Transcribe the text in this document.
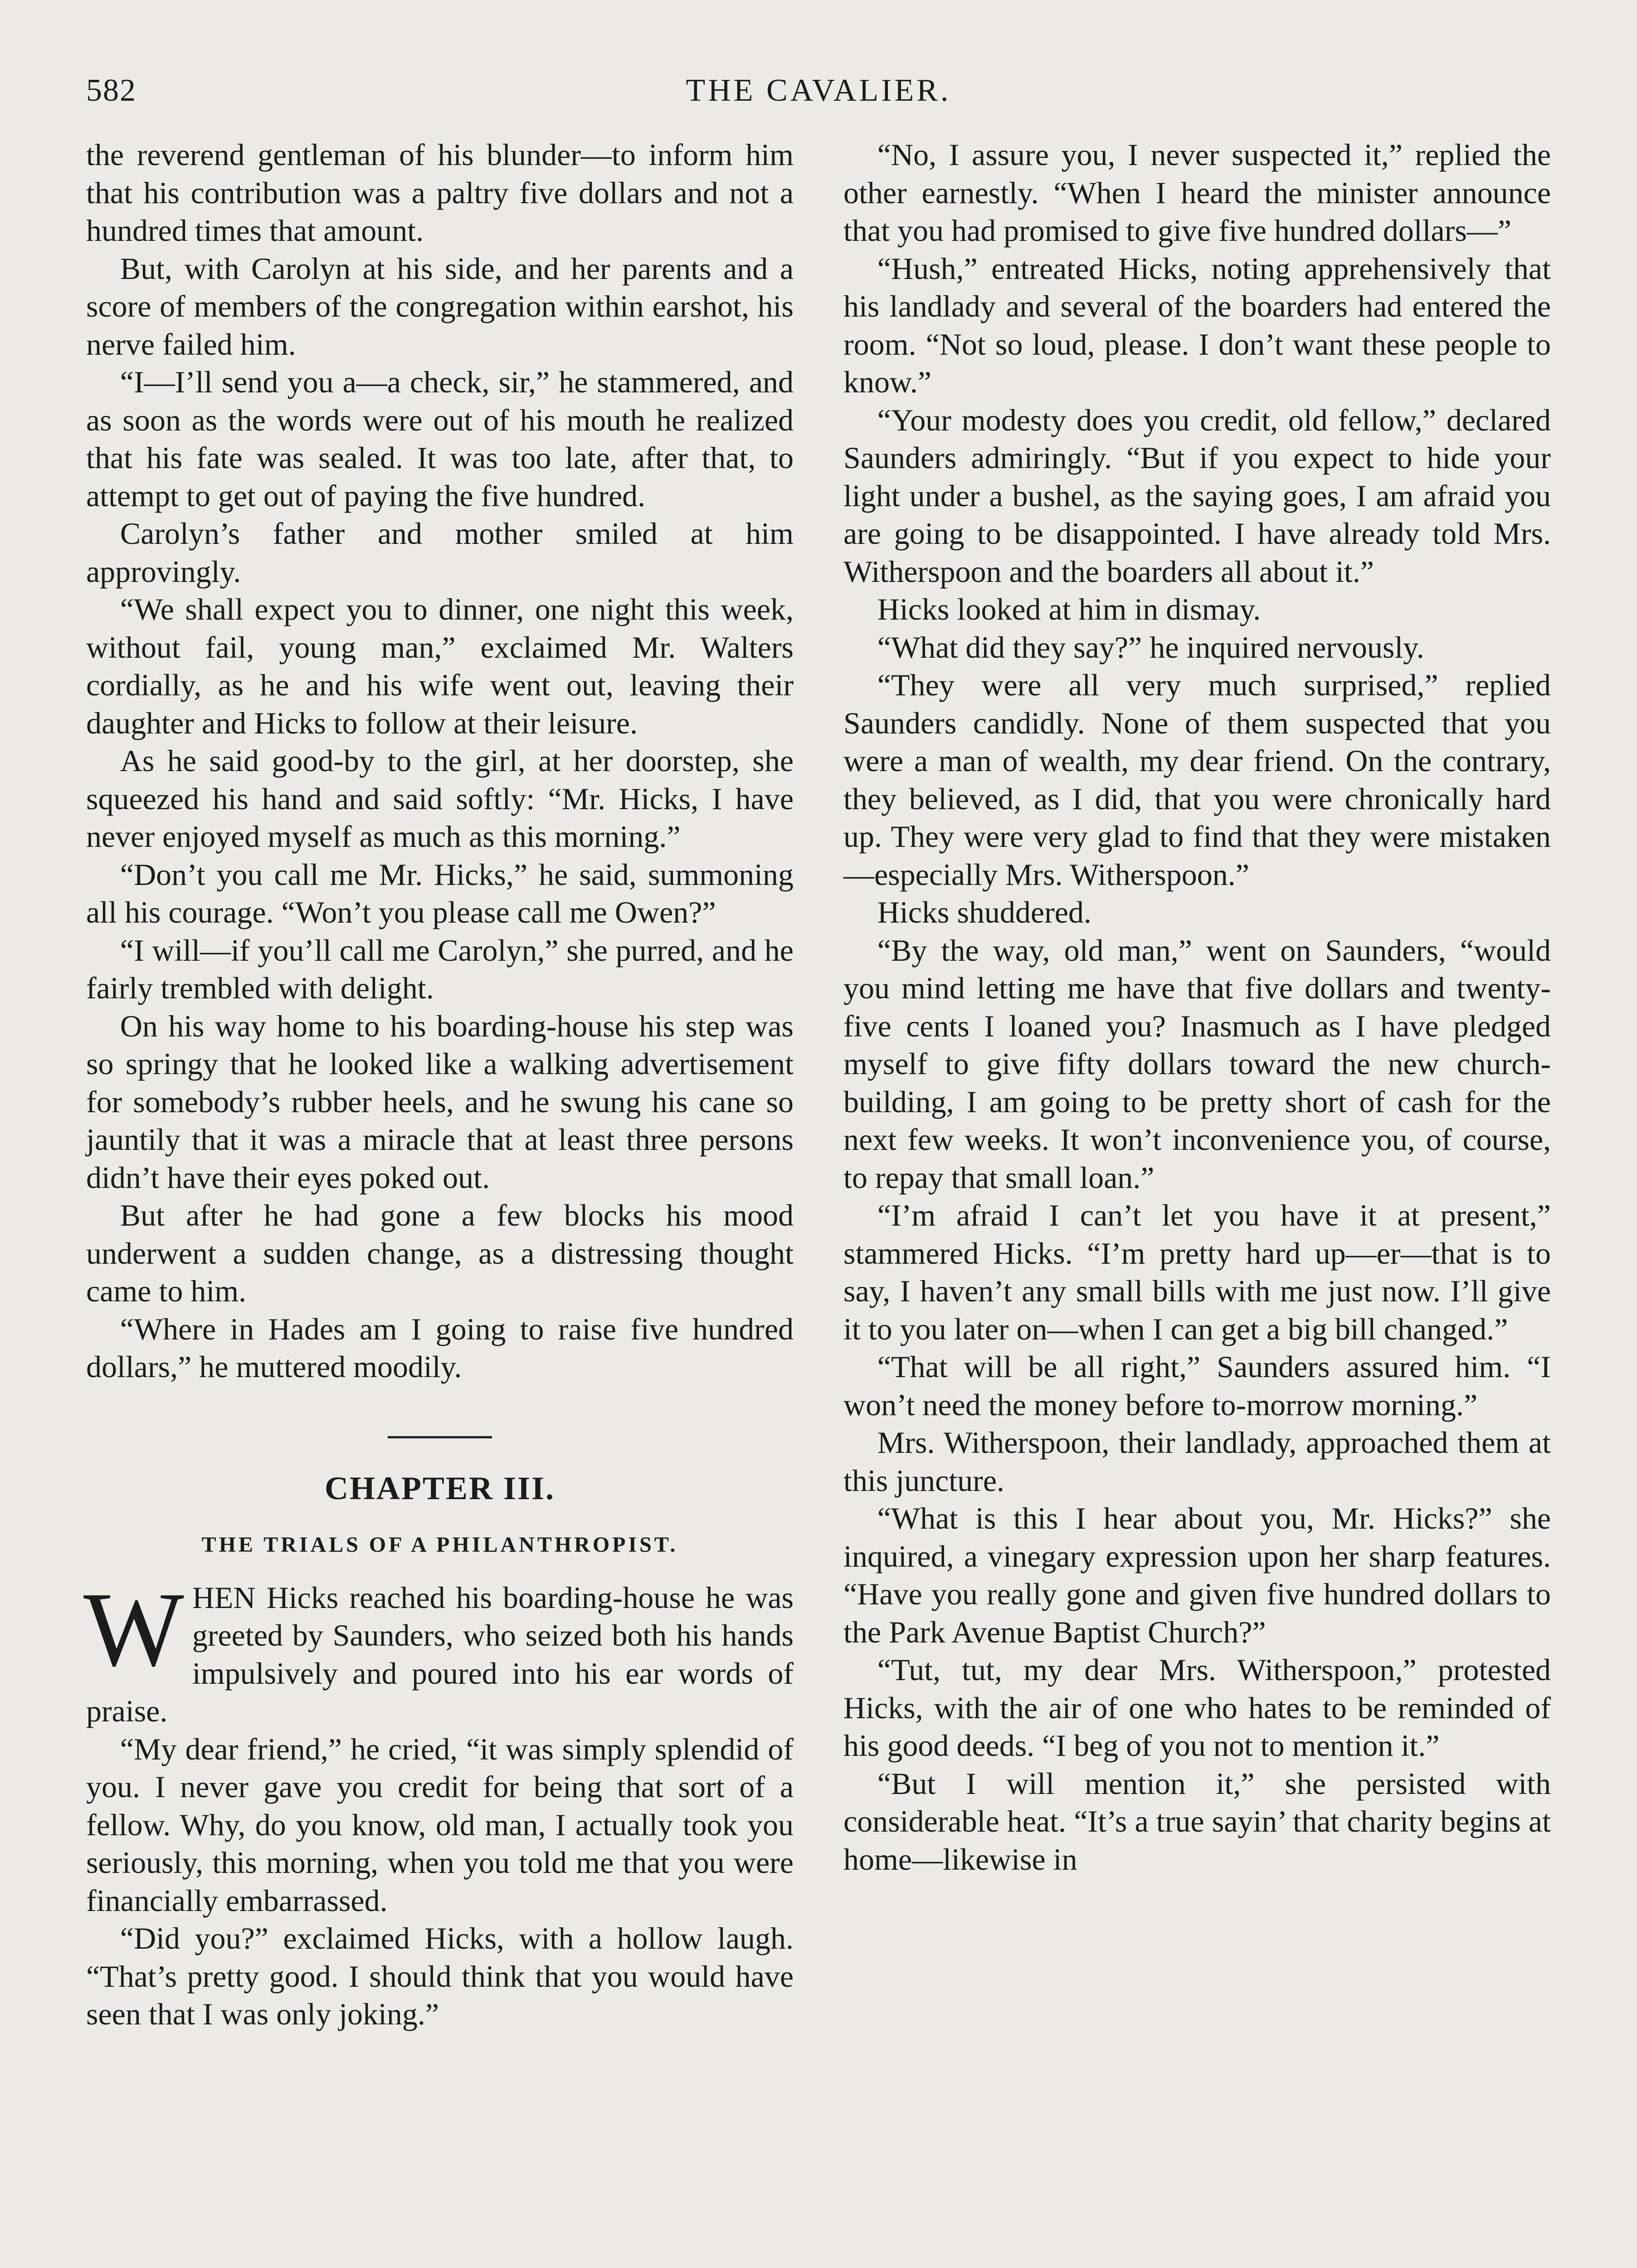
582	THE CAVALIER.

the reverend gentleman of his blunder—to inform him that his contribution was a paltry five dollars and not a hundred times that amount.

But, with Carolyn at his side, and her parents and a score of members of the congregation within earshot, his nerve failed him.

“I—I’ll send you a—a check, sir,” he stammered, and as soon as the words were out of his mouth he realized that his fate was sealed. It was too late, after that, to attempt to get out of paying the five hundred.

Carolyn’s father and mother smiled at him approvingly.

“We shall expect you to dinner, one night this week, without fail, young man,” exclaimed Mr. Walters cordially, as he and his wife went out, leaving their daughter and Hicks to follow at their leisure.

As he said good-by to the girl, at her doorstep, she squeezed his hand and said softly: “Mr. Hicks, I have never enjoyed myself as much as this morning.”

“Don’t you call me Mr. Hicks,” he said, summoning all his courage. “Won’t you please call me Owen?”

“I will—if you’ll call me Carolyn,” she purred, and he fairly trembled with delight.

On his way home to his boarding-house his step was so springy that he looked like a walking advertisement for somebody’s rubber heels, and he swung his cane so jauntily that it was a miracle that at least three persons didn’t have their eyes poked out.

But after he had gone a few blocks his mood underwent a sudden change, as a distressing thought came to him.

“Where in Hades am I going to raise five hundred dollars,” he muttered moodily.

CHAPTER III.
THE TRIALS OF A PHILANTHROPIST.

WHEN Hicks reached his boarding-house he was greeted by Saunders, who seized both his hands impulsively and poured into his ear words of praise.

“My dear friend,” he cried, “it was simply splendid of you. I never gave you credit for being that sort of a fellow. Why, do you know, old man, I actually took you seriously, this morning, when you told me that you were financially embarrassed.

“Did you?” exclaimed Hicks, with a hollow laugh. “That’s pretty good. I should think that you would have seen that I was only joking.”

“No, I assure you, I never suspected it,” replied the other earnestly. “When I heard the minister announce that you had promised to give five hundred dollars—”

“Hush,” entreated Hicks, noting apprehensively that his landlady and several of the boarders had entered the room. “Not so loud, please. I don’t want these people to know.”

“Your modesty does you credit, old fellow,” declared Saunders admiringly. “But if you expect to hide your light under a bushel, as the saying goes, I am afraid you are going to be disappointed. I have already told Mrs. Witherspoon and the boarders all about it.”

Hicks looked at him in dismay.

“What did they say?” he inquired nervously.

“They were all very much surprised,” replied Saunders candidly. None of them suspected that you were a man of wealth, my dear friend. On the contrary, they believed, as I did, that you were chronically hard up. They were very glad to find that they were mistaken—especially Mrs. Witherspoon.”

Hicks shuddered.

“By the way, old man,” went on Saunders, “would you mind letting me have that five dollars and twenty-five cents I loaned you? Inasmuch as I have pledged myself to give fifty dollars toward the new church-building, I am going to be pretty short of cash for the next few weeks. It won’t inconvenience you, of course, to repay that small loan.”

“I’m afraid I can’t let you have it at present,” stammered Hicks. “I’m pretty hard up—er—that is to say, I haven’t any small bills with me just now. I’ll give it to you later on—when I can get a big bill changed.”

“That will be all right,” Saunders assured him. “I won’t need the money before to-morrow morning.”

Mrs. Witherspoon, their landlady, approached them at this juncture.

“What is this I hear about you, Mr. Hicks?” she inquired, a vinegary expression upon her sharp features. “Have you really gone and given five hundred dollars to the Park Avenue Baptist Church?”

“Tut, tut, my dear Mrs. Witherspoon,” protested Hicks, with the air of one who hates to be reminded of his good deeds. “I beg of you not to mention it.”

“But I will mention it,” she persisted with considerable heat. “It’s a true sayin’ that charity begins at home—likewise in
